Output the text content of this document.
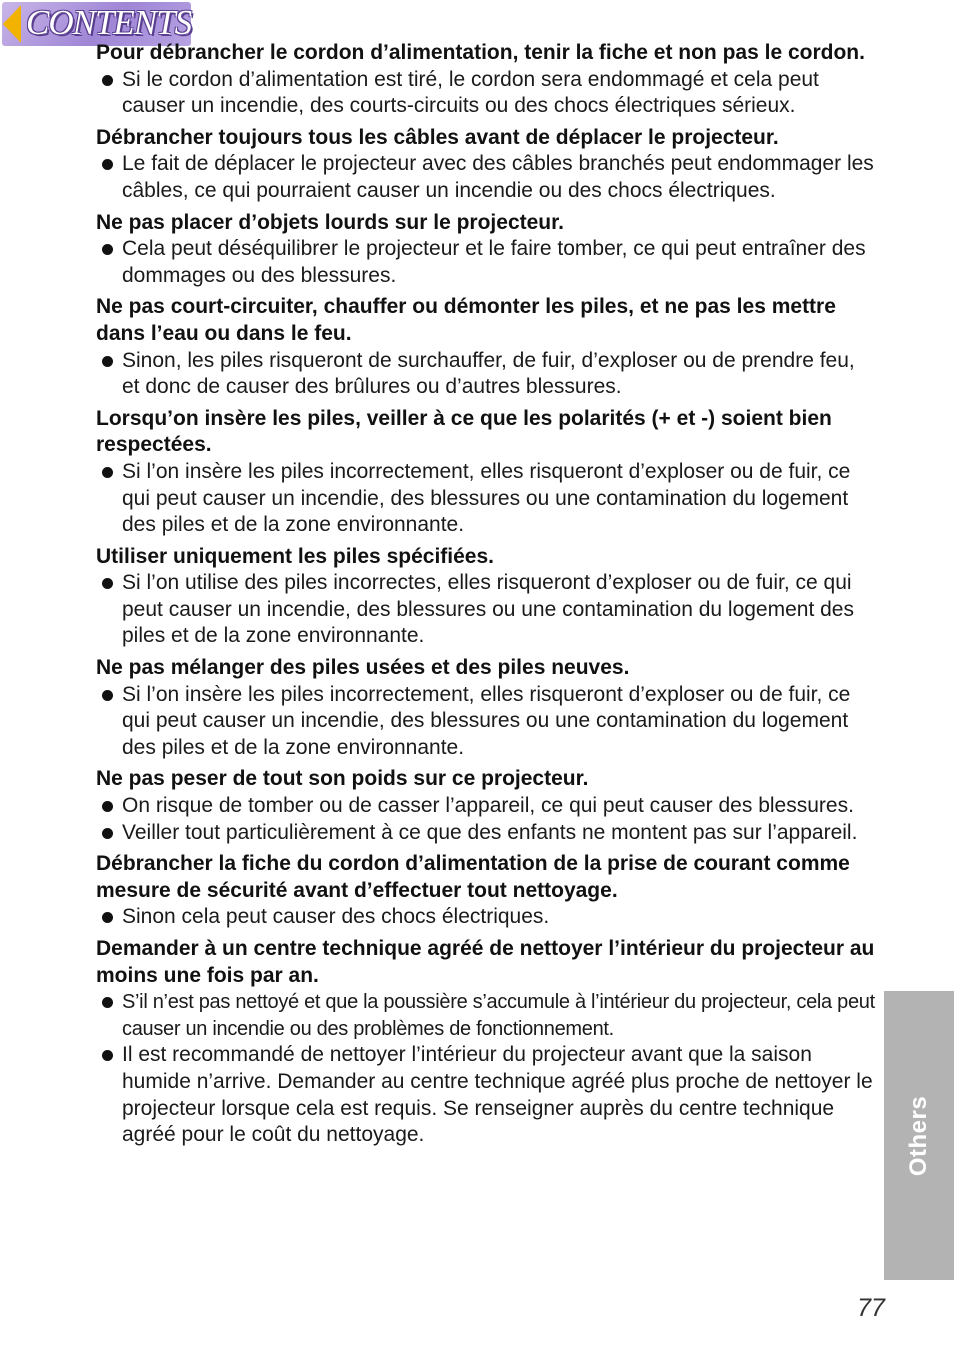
CONTENTS

Pour débrancher le cordon d’alimentation, tenir la fiche et non pas le cordon.

Si le cordon d’alimentation est tiré, le cordon sera endommagé et cela peut causer un incendie, des courts-circuits ou des chocs électriques sérieux.

Débrancher toujours tous les câbles avant de déplacer le projecteur.

Le fait de déplacer le projecteur avec des câbles branchés peut endommager les câbles, ce qui pourraient causer un incendie ou des chocs électriques.

Ne pas placer d’objets lourds sur le projecteur.

Cela peut déséquilibrer le projecteur et le faire tomber, ce qui peut entraîner des dommages ou des blessures.

Ne pas court-circuiter, chauffer ou démonter les piles, et ne pas les mettre dans l’eau ou dans le feu.

Sinon, les piles risqueront de surchauffer, de fuir, d’exploser ou de prendre feu, et donc de causer des brûlures ou d’autres blessures.

Lorsqu’on insère les piles, veiller à ce que les polarités (+ et -) soient bien respectées.

Si l’on insère les piles incorrectement, elles risqueront d’exploser ou de fuir, ce qui peut causer un incendie, des blessures ou une contamination du logement des piles et de la zone environnante.

Utiliser uniquement les piles spécifiées.

Si l’on utilise des piles incorrectes, elles risqueront d’exploser ou de fuir, ce qui peut causer un incendie, des blessures ou une contamination du logement des piles et de la zone environnante.

Ne pas mélanger des piles usées et des piles neuves.

Si l’on insère les piles incorrectement, elles risqueront d’exploser ou de fuir, ce qui peut causer un incendie, des blessures ou une contamination du logement des piles et de la zone environnante.

Ne pas peser de tout son poids sur ce projecteur.

On risque de tomber ou de casser l’appareil, ce qui peut causer des blessures.

Veiller tout particulièrement à ce que des enfants ne montent pas sur l’appareil.

Débrancher la fiche du cordon d’alimentation de la prise de courant comme mesure de sécurité avant d’effectuer tout nettoyage.

Sinon cela peut causer des chocs électriques.

Demander à un centre technique agréé de nettoyer l’intérieur du projecteur au moins une fois par an.

S’il n’est pas nettoyé et que la poussière s’accumule à l’intérieur du projecteur, cela peut causer un incendie ou des problèmes de fonctionnement.

Il est recommandé de nettoyer l’intérieur du projecteur avant que la saison humide n’arrive. Demander au centre technique agréé plus proche de nettoyer le projecteur lorsque cela est requis. Se renseigner auprès du centre technique agréé pour le coût du nettoyage.	Others
77
